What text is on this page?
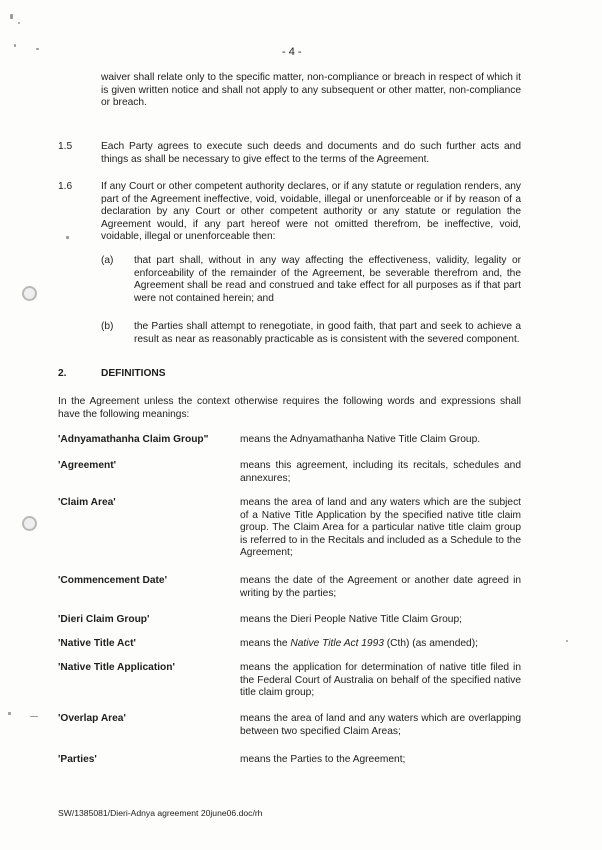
- 4 -
waiver shall relate only to the specific matter, non-compliance or breach in respect of which it is given written notice and shall not apply to any subsequent or other matter, non-compliance or breach.
1.5	Each Party agrees to execute such deeds and documents and do such further acts and things as shall be necessary to give effect to the terms of the Agreement.
1.6	If any Court or other competent authority declares, or if any statute or regulation renders, any part of the Agreement ineffective, void, voidable, illegal or unenforceable or if by reason of a declaration by any Court or other competent authority or any statute or regulation the Agreement would, if any part hereof were not omitted therefrom, be ineffective, void, voidable, illegal or unenforceable then:
(a) that part shall, without in any way affecting the effectiveness, validity, legality or enforceability of the remainder of the Agreement, be severable therefrom and, the Agreement shall be read and construed and take effect for all purposes as if that part were not contained herein; and
(b) the Parties shall attempt to renegotiate, in good faith, that part and seek to achieve a result as near as reasonably practicable as is consistent with the severed component.
2.	DEFINITIONS
In the Agreement unless the context otherwise requires the following words and expressions shall have the following meanings:
'Adnyamathanha Claim Group"	means the Adnyamathanha Native Title Claim Group.
'Agreement'	means this agreement, including its recitals, schedules and annexures;
'Claim Area'	means the area of land and any waters which are the subject of a Native Title Application by the specified native title claim group. The Claim Area for a particular native title claim group is referred to in the Recitals and included as a Schedule to the Agreement;
'Commencement Date'	means the date of the Agreement or another date agreed in writing by the parties;
'Dieri Claim Group'	means the Dieri People Native Title Claim Group;
'Native Title Act'	means the Native Title Act 1993 (Cth) (as amended);
'Native Title Application'	means the application for determination of native title filed in the Federal Court of Australia on behalf of the specified native title claim group;
'Overlap Area'	means the area of land and any waters which are overlapping between two specified Claim Areas;
'Parties'	means the Parties to the Agreement;
SW/1385081/Dieri-Adnya agreement 20june06.doc/rh
